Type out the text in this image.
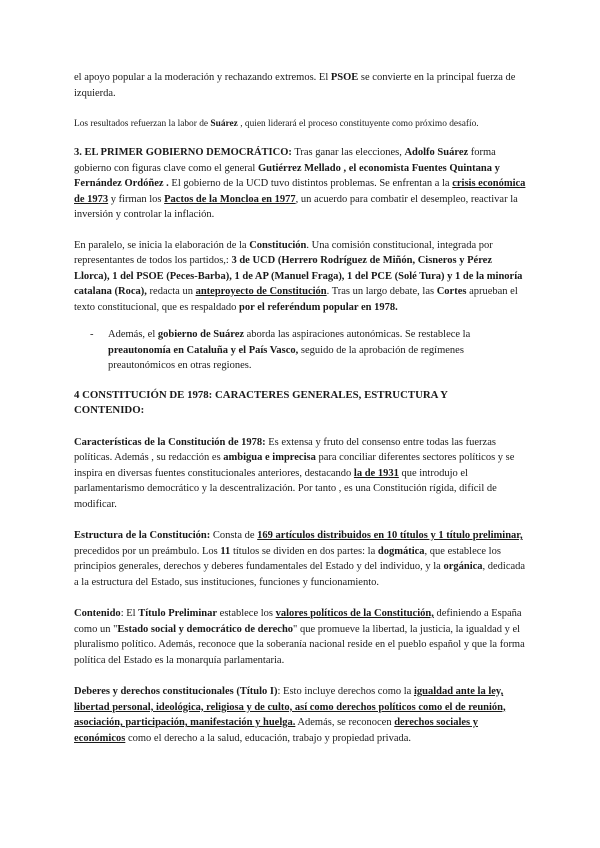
el apoyo popular a la moderación y rechazando extremos. El PSOE se convierte en la principal fuerza de izquierda.

Los resultados refuerzan la labor de Suárez , quien liderará el proceso constituyente como próximo desafío.

3. EL PRIMER GOBIERNO DEMOCRÁTICO: Tras ganar las elecciones, Adolfo Suárez forma gobierno con figuras clave como el general Gutiérrez Mellado , el economista Fuentes Quintana y Fernández Ordóñez . El gobierno de la UCD tuvo distintos problemas. Se enfrentan a la crisis económica de 1973 y firman los Pactos de la Moncloa en 1977, un acuerdo para combatir el desempleo, reactivar la inversión y controlar la inflación.

En paralelo, se inicia la elaboración de la Constitución. Una comisión constitucional, integrada por representantes de todos los partidos,: 3 de UCD (Herrero Rodríguez de Miñón, Cisneros y Pérez Llorca), 1 del PSOE (Peces-Barba), 1 de AP (Manuel Fraga), 1 del PCE (Solé Tura) y 1 de la minoría catalana (Roca), redacta un anteproyecto de Constitución. Tras un largo debate, las Cortes aprueban el texto constitucional, que es respaldado por el referéndum popular en 1978.

-	Además, el gobierno de Suárez aborda las aspiraciones autonómicas. Se restablece la preautonomía en Cataluña y el País Vasco, seguido de la aprobación de regímenes preautonómicos en otras regiones.

4 CONSTITUCIÓN DE 1978: CARACTERES GENERALES, ESTRUCTURA Y CONTENIDO:

Características de la Constitución de 1978: Es extensa y fruto del consenso entre todas las fuerzas políticas. Además , su redacción es ambigua e imprecisa para conciliar diferentes sectores políticos y se inspira en diversas fuentes constitucionales anteriores, destacando la de 1931 que introdujo el parlamentarismo democrático y la descentralización. Por tanto , es una Constitución rígida, difícil de modificar.

Estructura de la Constitución: Consta de 169 artículos distribuidos en 10 títulos y 1 título preliminar, precedidos por un preámbulo. Los 11 títulos se dividen en dos partes: la dogmática, que establece los principios generales, derechos y deberes fundamentales del Estado y del individuo, y la orgánica, dedicada a la estructura del Estado, sus instituciones, funciones y funcionamiento.

Contenido: El Título Preliminar establece los valores políticos de la Constitución, definiendo a España como un "Estado social y democrático de derecho" que promueve la libertad, la justicia, la igualdad y el pluralismo político. Además, reconoce que la soberanía nacional reside en el pueblo español y que la forma política del Estado es la monarquía parlamentaria.

Deberes y derechos constitucionales (Título I): Esto incluye derechos como la igualdad ante la ley, libertad personal, ideológica, religiosa y de culto, así como derechos políticos como el de reunión, asociación, participación, manifestación y huelga. Además, se reconocen derechos sociales y económicos como el derecho a la salud, educación, trabajo y propiedad privada.
